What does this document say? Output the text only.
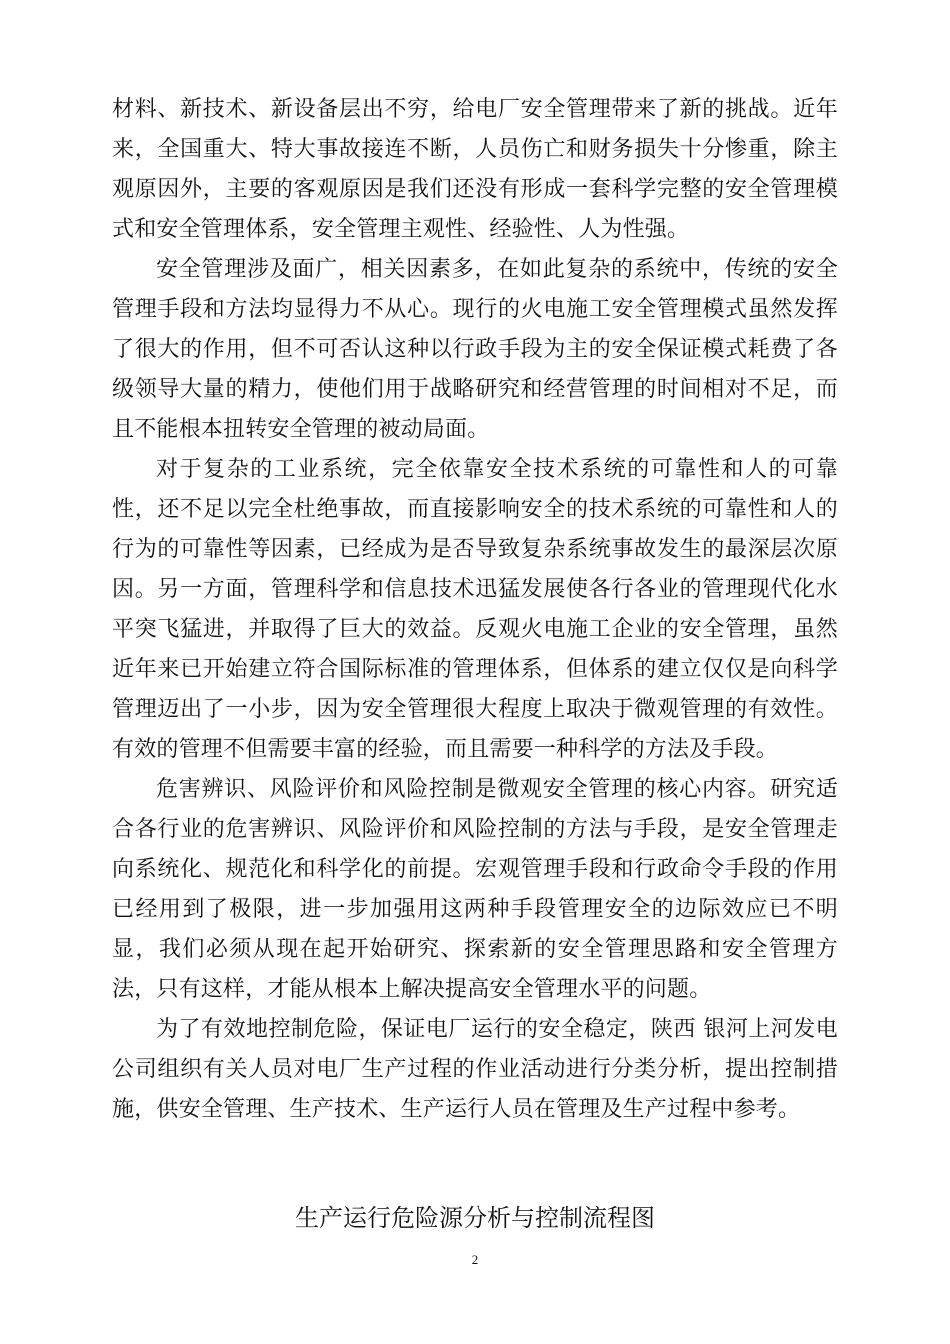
材料、新技术、新设备层出不穷，给电厂安全管理带来了新的挑战。近年来，全国重大、特大事故接连不断，人员伤亡和财务损失十分惨重，除主观原因外，主要的客观原因是我们还没有形成一套科学完整的安全管理模式和安全管理体系，安全管理主观性、经验性、人为性强。

安全管理涉及面广，相关因素多，在如此复杂的系统中，传统的安全管理手段和方法均显得力不从心。现行的火电施工安全管理模式虽然发挥了很大的作用，但不可否认这种以行政手段为主的安全保证模式耗费了各级领导大量的精力，使他们用于战略研究和经营管理的时间相对不足，而且不能根本扭转安全管理的被动局面。

对于复杂的工业系统，完全依靠安全技术系统的可靠性和人的可靠性，还不足以完全杜绝事故，而直接影响安全的技术系统的可靠性和人的行为的可靠性等因素，已经成为是否导致复杂系统事故发生的最深层次原因。另一方面，管理科学和信息技术迅猛发展使各行各业的管理现代化水平突飞猛进，并取得了巨大的效益。反观火电施工企业的安全管理，虽然近年来已开始建立符合国际标准的管理体系，但体系的建立仅仅是向科学管理迈出了一小步，因为安全管理很大程度上取决于微观管理的有效性。有效的管理不但需要丰富的经验，而且需要一种科学的方法及手段。

危害辨识、风险评价和风险控制是微观安全管理的核心内容。研究适合各行业的危害辨识、风险评价和风险控制的方法与手段，是安全管理走向系统化、规范化和科学化的前提。宏观管理手段和行政命令手段的作用已经用到了极限，进一步加强用这两种手段管理安全的边际效应已不明显，我们必须从现在起开始研究、探索新的安全管理思路和安全管理方法，只有这样，才能从根本上解决提高安全管理水平的问题。

为了有效地控制危险，保证电厂运行的安全稳定，陕西 银河上河发电公司组织有关人员对电厂生产过程的作业活动进行分类分析，提出控制措施，供安全管理、生产技术、生产运行人员在管理及生产过程中参考。

生产运行危险源分析与控制流程图
2
